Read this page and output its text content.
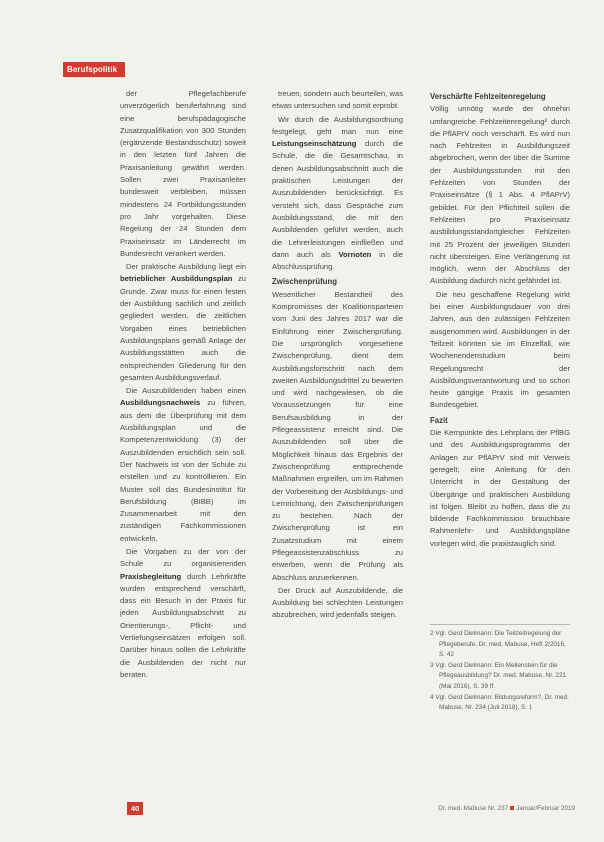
Berufspolitik

der Pflegefachberufe unverzögerlich beruferfahrung sind eine berufspädagogische Zusatzqualifikation von 300 Stunden (ergänzende Bestandsschutz) soweit in den letzten fünf Jahren die Praxisanleitung gewährt werden. Sollen zwei Praxisanleiter bundesweit verbleiben, müssen mindestens 24 Fortbildungsstunden pro Jahr vorgehalten. Diese Regelung der 24 Stunden dem Praxiseinsatz im Länderrecht im Bundesrecht verankert werden.

Der praktische Ausbildung liegt ein betrieblicher Ausbildungsplan zu Grunde. Zwar muss für einen festen der Ausbildung sachlich und zeitlich gegliedert werden, die zeitlichen Vorgaben eines betrieblichen Ausbildungsplans gemäß Anlage der Ausbildungsstätten auch die entsprechenden Gliederung für den gesamten Ausbildungsverlauf.

Die Auszubildenden haben einen Ausbildungsnachweis zu führen, aus dem die Überprüfung mit dem Ausbildungsplan und die Kompetenzentwicklung (3) der Auszubildenden ersichtlich sein soll. Der Nachweis ist von der Schule zu erstellen und zu kontrollieren. Ein Muster soll das Bundesinstitut für Berufsbildung (BIBB) im Zusammenarbeit mit den zuständigen Fachkommissionen entwickeln.

Die Vorgaben zu der von der Schule zu organisierenden Praxisbegleitung durch Lehrkräfte wurden entsprechend verschärft, dass ein Besuch in der Praxis für jeden Ausbildungsabschnitt zu Orientierungs-, Pflicht- und Vertiefungseinsätzen erfolgen soll. Darüber hinaus sollen die Lehrkräfte die Ausbildenden der nicht nur beraten.

treuen, sondern auch beurteilen, was etwas untersuchen und somit erprobt.

Wir durch die Ausbildungsordnung festgelegt, geht man nun eine Leistungseinschätzung durch die Schule, die die Gesamtschau, in denen Ausbildungsabschnitt auch die praktischen Leistungen der Auszubildenden berücksichtigt. Es versteht sich, dass Gespräche zum Ausbildungsstand, die mit den Ausbildenden geführt werden, auch die Lehrerleistungen einfließen und dann auch als Vornoten in die Abschlussprüfung.

Zwischenprüfung

Wesentlicher Bestandteil des Kompromisses der Koalitionsparteien vom Juni des Jahres 2017 war die Einführung einer Zwischenprüfung. Die ursprünglich vorgesehene Zwischenprüfung, dient dem Ausbildungsfortschritt nach dem zweiten Ausbildungsdrittel zu bewerten und wird nachgewiesen, ob die Voraussetzungen für eine Berufsausbildung in der Pflegeassistenz erreicht sind. Die Auszubildenden soll über die Möglichkeit hinaus das Ergebnis der Zwischenprüfung entsprechende Maßnahmen ergreifen, um im Rahmen der Vorbereitung der Ausbildungs- und Lernrichtung, den Zwischenprüfungen zu bestehen. Nach der Zwischenprüfung ist ein Zusatzstudium mit einem Pflegeassistenzabschluss zu erwerben, wenn die Prüfung als Abschluss anzuerkennen.

Der Druck auf Auszubildende, die Ausbildung bei schlechten Leistungen abzubrechen, wird jedenfalls steigen.

Verschärfte Fehlzeitenregelung

Völlig unnötig wurde der ohnehin umfangreiche Fehlzeitenregelung² durch die PflAPrV noch verschärft. Es wird nun nach Fehlzeiten in Ausbildungszeit abgebrochen, wenn der über die Summe der Ausbildungsstunden mit den Fehlzeiten von Stunden der Praxiseinsätze (§ 1 Abs. 4 PflAPrV) gebildet. Für den Pflichtteil sollen die Fehlzeiten pro Praxiseinsatz ausbildungsstandortgleicher Fehlzeiten mit 25 Prozent der jeweiligen Stunden nicht übersteigen. Eine Verlängerung ist möglich, wenn der Abschluss der Ausbildung dadurch nicht gefährdet ist.

Die neu geschaffene Regelung wirkt bei einer Ausbildungsdauer von drei Jahren, aus den zulässigen Fehlzeiten ausgenommen wird. Ausbildungen in der Teilzeit könnten sie im Einzelfall, wie Wochenendenstudium beim Regelungsrecht der Ausbildungsverantwortung und so schon heute gängige Praxis im gesamten Bundesgebiet.

Fazit

Die Kernpunkte des Lehrplans der PflBG und des Ausbildungsprogramms der Anlagen zur PflAPrV sind mit Verweis geregelt; eine Anleitung für den Unterricht in der Gestaltung der Übergänge und praktischen Ausbildung ist folgen. Bleibt zu hoffen, dass die zu bildende Fachkommission brauchbare Rahmenlehr- und Ausbildungspläne vorlegen wird, die praxistauglich sind.

2 Vgl. Gerd Dielmann: Die Teilzeitregelung der Pflegeberufe, Dr. med. Mabuse, Heft 2/2016, S. 42
3 Vgl. Gerd Dielmann: Ein Meilenstein für die Pflegeausbildung? Dr. med. Mabuse, Nr. 221 (Mai 2016), S. 39 ff.
4 Vgl. Gerd Dielmann: Bildungsreform?, Dr. med. Mabuse, Nr. 234 (Juli 2018), S. 1
40	Dr. med. Mabuse Nr. 237 Januar/Februar 2019
